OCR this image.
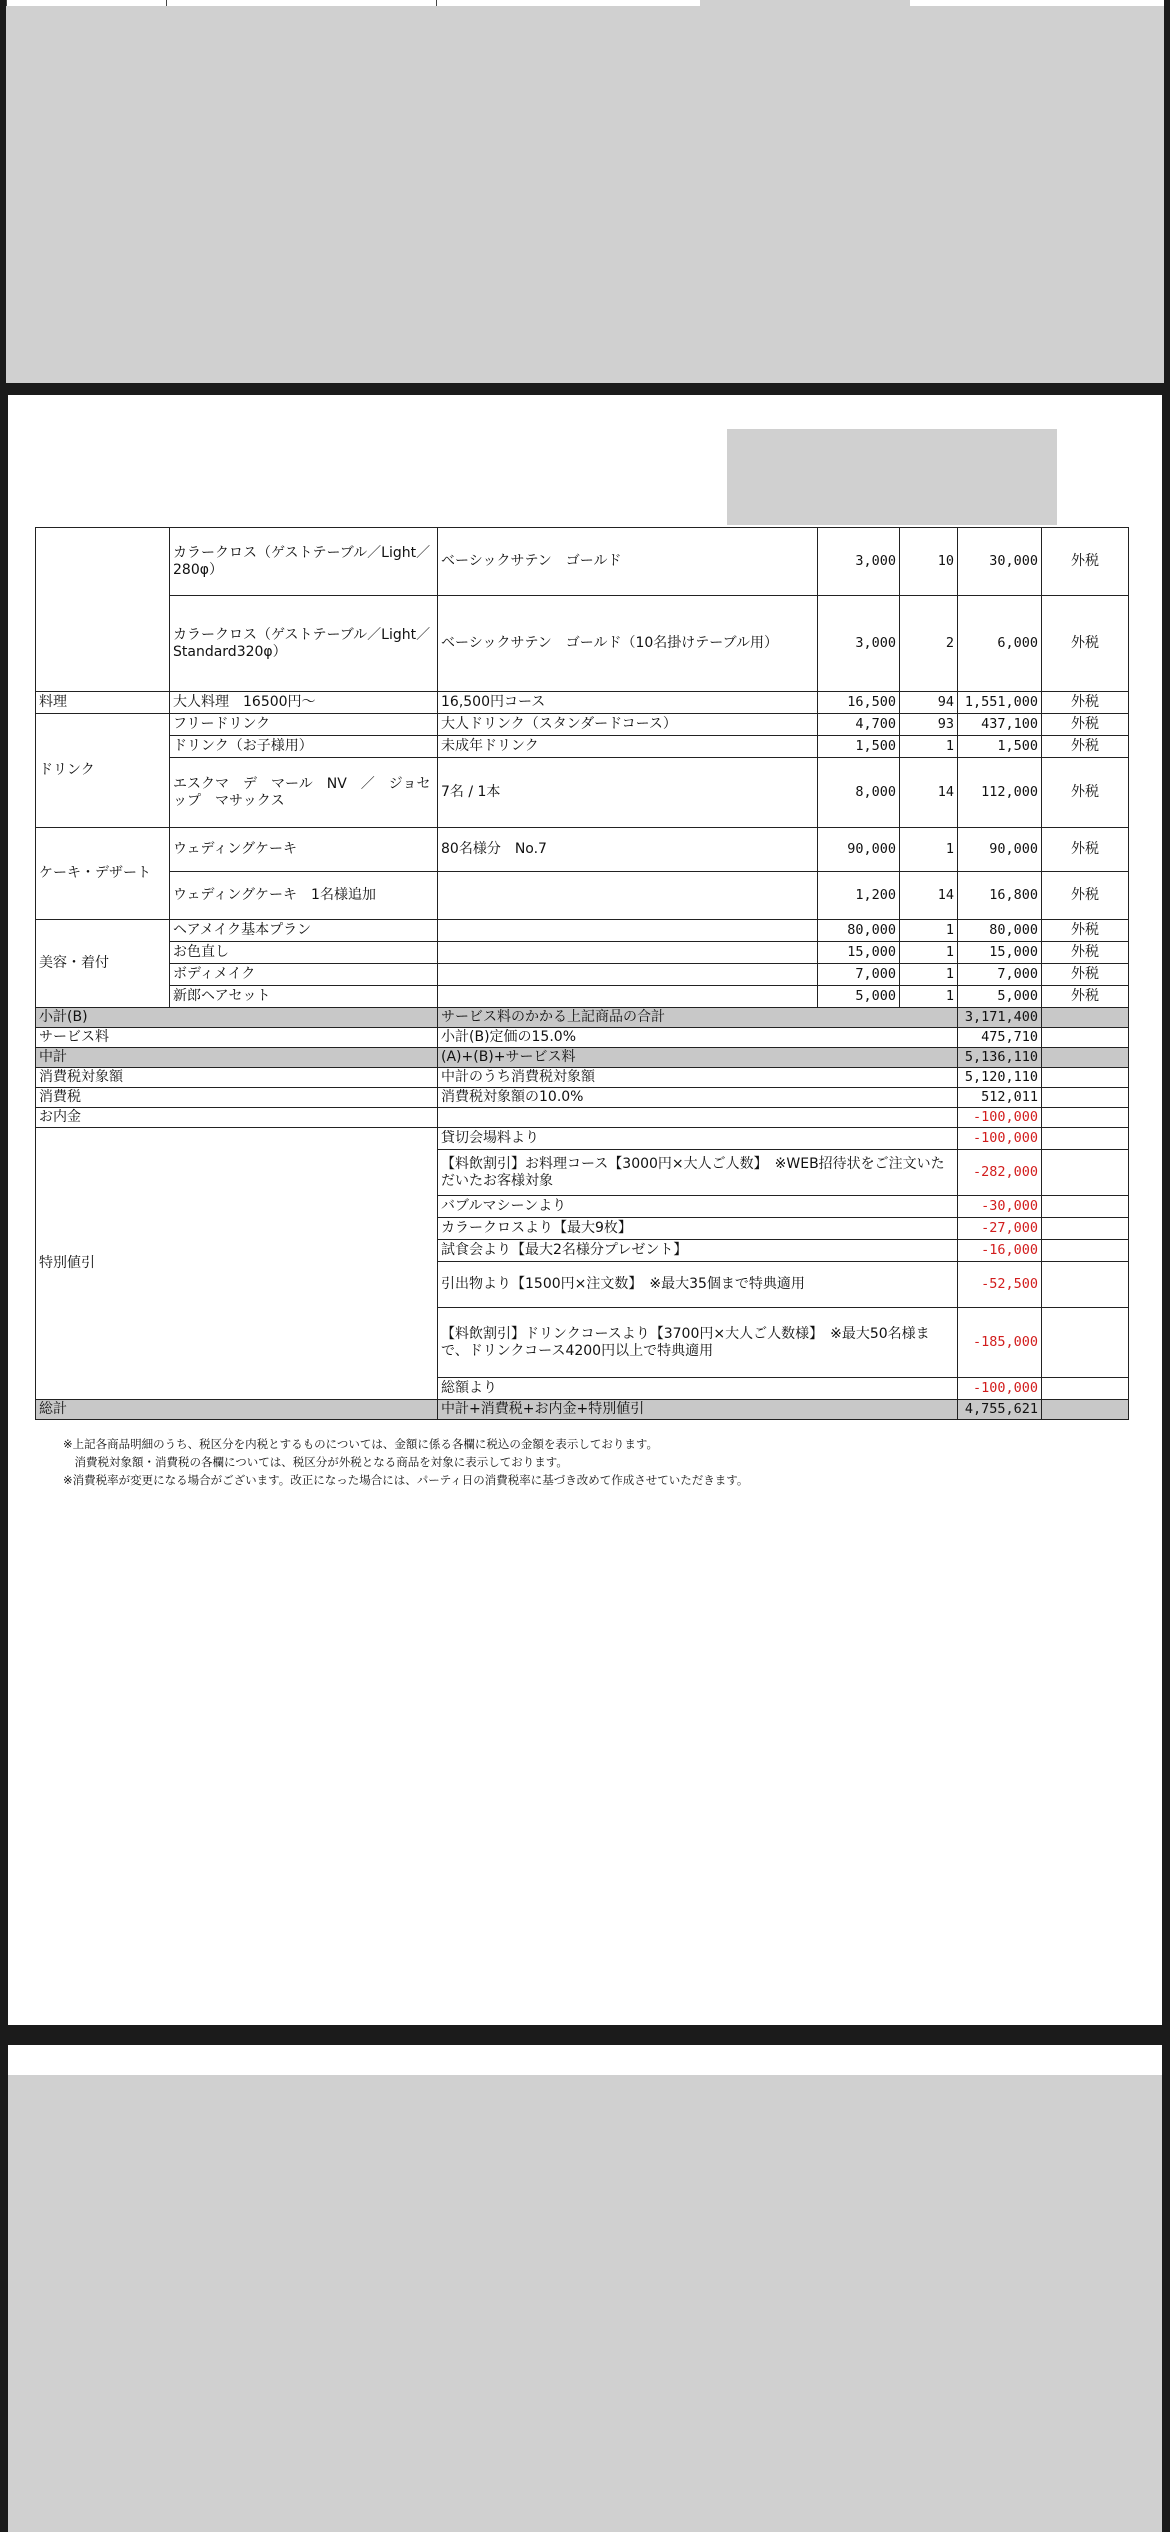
	カラークロス（ゲストテーブル／Light／280φ）	ベーシックサテン　ゴールド	3,000	10	30,000	外税
	カラークロス（ゲストテーブル／Light／Standard320φ）	ベーシックサテン　ゴールド（10名掛けテーブル用）	3,000	2	6,000	外税
料理	大人料理　16500円～	16,500円コース	16,500	94	1,551,000	外税
ドリンク	フリードリンク	大人ドリンク（スタンダードコース）	4,700	93	437,100	外税
	ドリンク（お子様用）	未成年ドリンク	1,500	1	1,500	外税
	エスクマ　デ　マール　NV　／　ジョセップ　マサックス	7名 / 1本	8,000	14	112,000	外税
ケーキ・デザート	ウェディングケーキ	80名様分　No.7	90,000	1	90,000	外税
	ウェディングケーキ　1名様追加		1,200	14	16,800	外税
美容・着付	ヘアメイク基本プラン		80,000	1	80,000	外税
	お色直し		15,000	1	15,000	外税
	ボディメイク		7,000	1	7,000	外税
	新郎ヘアセット		5,000	1	5,000	外税
小計(B)		サービス料のかかる上記商品の合計			3,171,400	
サービス料		小計(B)定価の15.0%			475,710	
中計		(A)+(B)+サービス料			5,136,110	
消費税対象額		中計のうち消費税対象額			5,120,110	
消費税		消費税対象額の10.0%			512,011	
お内金					-100,000	
特別値引		貸切会場料より			-100,000	
		【料飲割引】お料理コース【3000円×大人ご人数】　※WEB招待状をご注文いただいたお客様対象			-282,000	
		バブルマシーンより			-30,000	
		カラークロスより【最大9枚】			-27,000	
		試食会より【最大2名様分プレゼント】			-16,000	
		引出物より【1500円×注文数】　※最大35個まで特典適用			-52,500	
		【料飲割引】ドリンクコースより【3700円×大人ご人数様】　※最大50名様まで、ドリンクコース4200円以上で特典適用			-185,000	
		総額より			-100,000	
総計		中計+消費税+お内金+特別値引			4,755,621	
※上記各商品明細のうち、税区分を内税とするものについては、金額に係る各欄に税込の金額を表示しております。
　消費税対象額・消費税の各欄については、税区分が外税となる商品を対象に表示しております。
※消費税率が変更になる場合がございます。改正になった場合には、パーティ日の消費税率に基づき改めて作成させていただきます。
